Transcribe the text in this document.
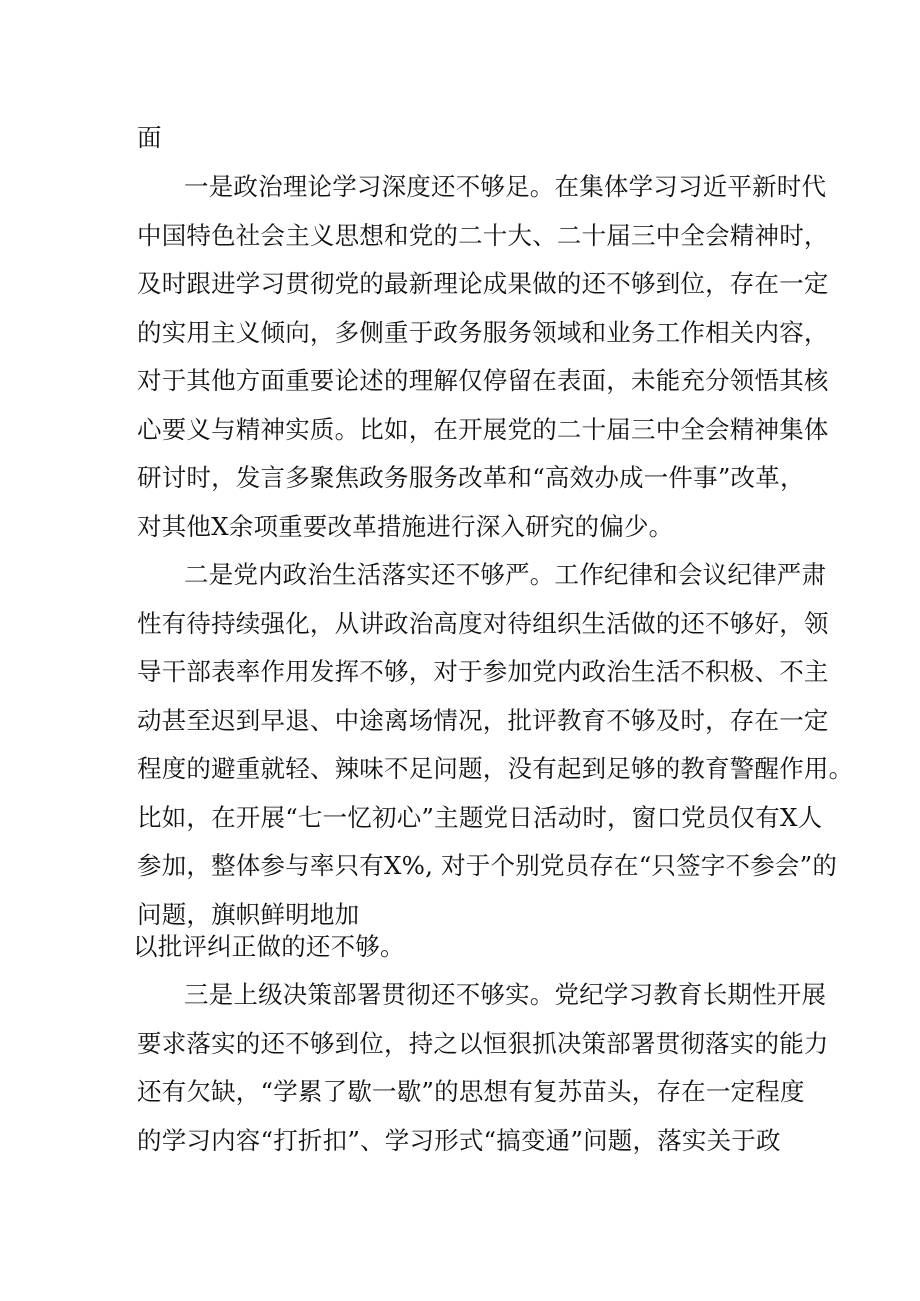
面

一是政治理论学习深度还不够足。在集体学习习近平新时代

中国特色社会主义思想和党的二十大、二十届三中全会精神时，

及时跟进学习贯彻党的最新理论成果做的还不够到位，存在一定

的实用主义倾向，多侧重于政务服务领域和业务工作相关内容，

对于其他方面重要论述的理解仅停留在表面，未能充分领悟其核

心要义与精神实质。比如，在开展党的二十届三中全会精神集体

研讨时，发言多聚焦政务服务改革和“高效办成一件事”改革，

对其他X余项重要改革措施进行深入研究的偏少。

二是党内政治生活落实还不够严。工作纪律和会议纪律严肃

性有待持续强化，从讲政治高度对待组织生活做的还不够好，领

导干部表率作用发挥不够，对于参加党内政治生活不积极、不主

动甚至迟到早退、中途离场情况，批评教育不够及时，存在一定

程度的避重就轻、辣味不足问题，没有起到足够的教育警醒作用。

比如，在开展“七一忆初心”主题党日活动时，窗口党员仅有X人

参加，整体参与率只有X%, 对于个别党员存在“只签字不参会”的

问题，旗帜鲜明地加

以批评纠正做的还不够。

三是上级决策部署贯彻还不够实。党纪学习教育长期性开展

要求落实的还不够到位，持之以恒狠抓决策部署贯彻落实的能力

还有欠缺，“学累了歇一歇”的思想有复苏苗头，存在一定程度

的学习内容“打折扣”、学习形式“搞变通”问题，落实关于政
